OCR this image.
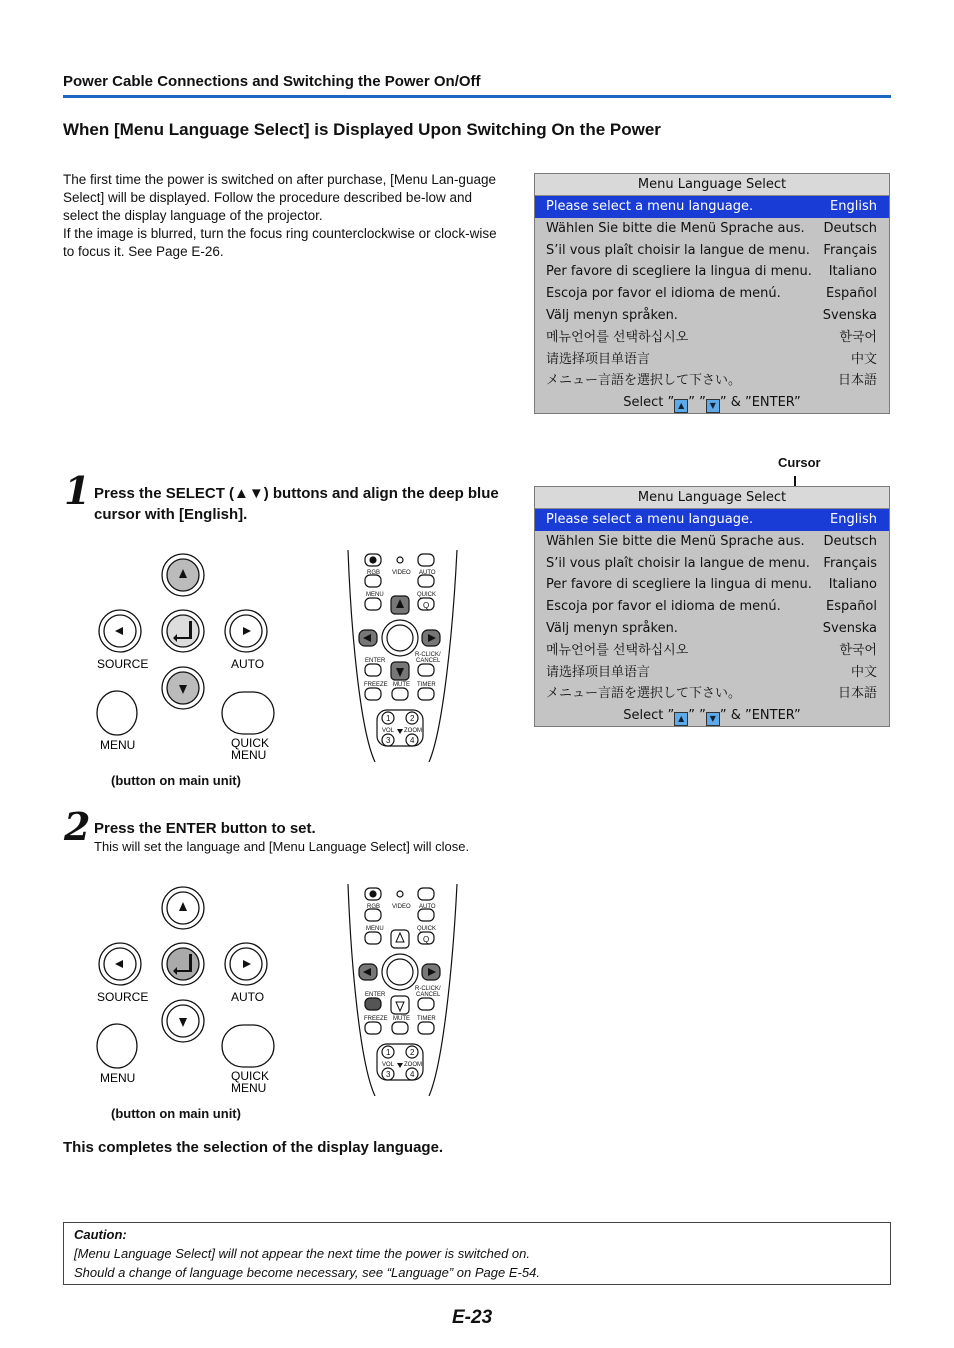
Power Cable Connections and Switching the Power On/Off
When [Menu Language Select] is Displayed Upon Switching On the Power

The first time the power is switched on after purchase, [Menu Lan-guage Select] will be displayed. Follow the procedure described be-low and select the display language of the projector.

If the image is blurred, turn the focus ring counterclockwise or clock-wise to focus it. See Page E-26.

Menu Language Select
Please select a menu language.	English
Wählen Sie bitte die Menü Sprache aus. Deutsch
S’il vous plaît choisir la langue de menu. Français
Per favore di scegliere la lingua di menu. Italiano
Escoja por favor el idioma de menú.	Español
Välj menyn språken.	Svenska
메뉴언어를 선택하십시오	한국어
请选择项目单语言	中文
メニュー言語を選択して下さい。	日本語
Select ” ▲ ” ” ▼ ” & ”ENTER”
Cursor
Menu Language Select
Please select a menu language.	English
Wählen Sie bitte die Menü Sprache aus. Deutsch
S’il vous plaît choisir la langue de menu. Français
Per favore di scegliere la lingua di menu. Italiano
Escoja por favor el idioma de menú.	Español
Välj menyn språken.	Svenska
메뉴언어를 선택하십시오	한국어
请选择项目单语言	中文
メニュー言語を選択して下さい。	日本語
Select ” ▲ ” ” ▼ ” & ”ENTER”
1 Press the SELECT (▲▼) buttons and align the deep blue cursor with [English].
SOURCE	AUTO
MENU	QUICK
MENU
RGB VIDEO AUTO
MENU	QUICK
Q
ENTER
R-CLICK/
CANCEL
FREEZE MUTE TIMER
VOL ZOOM
1 2
3 4
(button on main unit)
2 Press the ENTER button to set.
This will set the language and [Menu Language Select] will close.
SOURCE	AUTO
MENU	QUICK
MENU
RGB VIDEO AUTO
MENU	QUICK
Q
ENTER
R-CLICK/
CANCEL
FREEZE MUTE TIMER
VOL ZOOM
1 2
3 4
(button on main unit)
This completes the selection of the display language.
Caution:
[Menu Language Select] will not appear the next time the power is switched on.
Should a change of language become necessary, see “Language” on Page E-54.
E-23
